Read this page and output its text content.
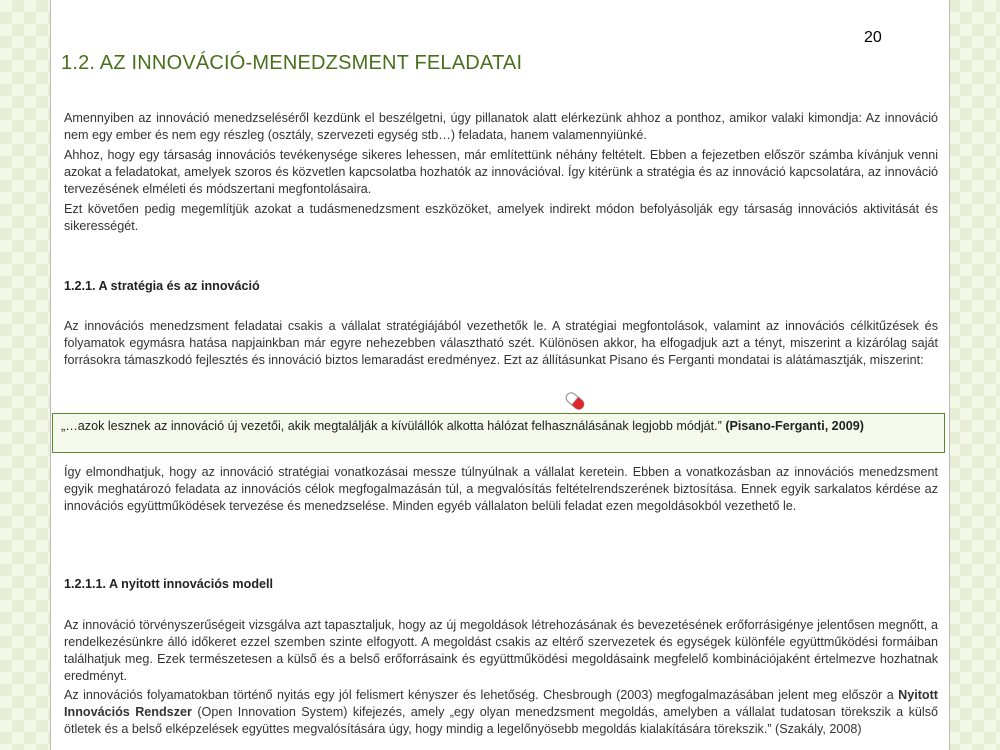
20
1.2. AZ INNOVÁCIÓ-MENEDZSMENT FELADATAI

Amennyiben az innováció menedzseléséről kezdünk el beszélgetni, úgy pillanatok alatt elérkezünk ahhoz a ponthoz, amikor valaki kimondja: Az innováció nem egy ember és nem egy részleg (osztály, szervezeti egység stb…) feladata, hanem valamennyiünké.

Ahhoz, hogy egy társaság innovációs tevékenysége sikeres lehessen, már említettünk néhány feltételt. Ebben a fejezetben először számba kívánjuk venni azokat a feladatokat, amelyek szoros és közvetlen kapcsolatba hozhatók az innovációval. Így kitérünk a stratégia és az innováció kapcsolatára, az innováció tervezésének elméleti és módszertani megfontolásaira.

Ezt követően pedig megemlítjük azokat a tudásmenedzsment eszközöket, amelyek indirekt módon befolyásolják egy társaság innovációs aktivitását és sikerességét.

1.2.1. A stratégia és az innováció

Az innovációs menedzsment feladatai csakis a vállalat stratégiájából vezethetők le. A stratégiai megfontolások, valamint az innovációs célkitűzések és folyamatok egymásra hatása napjainkban már egyre nehezebben választható szét. Különösen akkor, ha elfogadjuk azt a tényt, miszerint a kizárólag saját forrásokra támaszkodó fejlesztés és innováció biztos lemaradást eredményez. Ezt az állításunkat Pisano és Ferganti mondatai is alátámasztják, miszerint:

„…azok lesznek az innováció új vezetői, akik megtalálják a kívülállók alkotta hálózat felhasználásának legjobb módját.” (Pisano-Ferganti, 2009)

Így elmondhatjuk, hogy az innováció stratégiai vonatkozásai messze túlnyúlnak a vállalat keretein. Ebben a vonatkozásban az innovációs menedzsment egyik meghatározó feladata az innovációs célok megfogalmazásán túl, a megvalósítás feltételrendszerének biztosítása. Ennek egyik sarkalatos kérdése az innovációs együttműködések tervezése és menedzselése. Minden egyéb vállalaton belüli feladat ezen megoldásokból vezethető le.

1.2.1.1. A nyitott innovációs modell

Az innováció törvényszerűségeit vizsgálva azt tapasztaljuk, hogy az új megoldások létrehozásának és bevezetésének erőforrásigénye jelentősen megnőtt, a rendelkezésünkre álló időkeret ezzel szemben szinte elfogyott. A megoldást csakis az eltérő szervezetek és egységek különféle együttműködési formáiban találhatjuk meg. Ezek természetesen a külső és a belső erőforrásaink és együttműködési megoldásaink megfelelő kombinációjaként értelmezve hozhatnak eredményt.

Az innovációs folyamatokban történő nyitás egy jól felismert kényszer és lehetőség. Chesbrough (2003) megfogalmazásában jelent meg először a Nyitott Innovációs Rendszer (Open Innovation System) kifejezés, amely „egy olyan menedzsment megoldás, amelyben a vállalat tudatosan törekszik a külső ötletek és a belső elképzelések együttes megvalósítására úgy, hogy mindig a legelőnyösebb megoldás kialakítására törekszik.” (Szakály, 2008)
